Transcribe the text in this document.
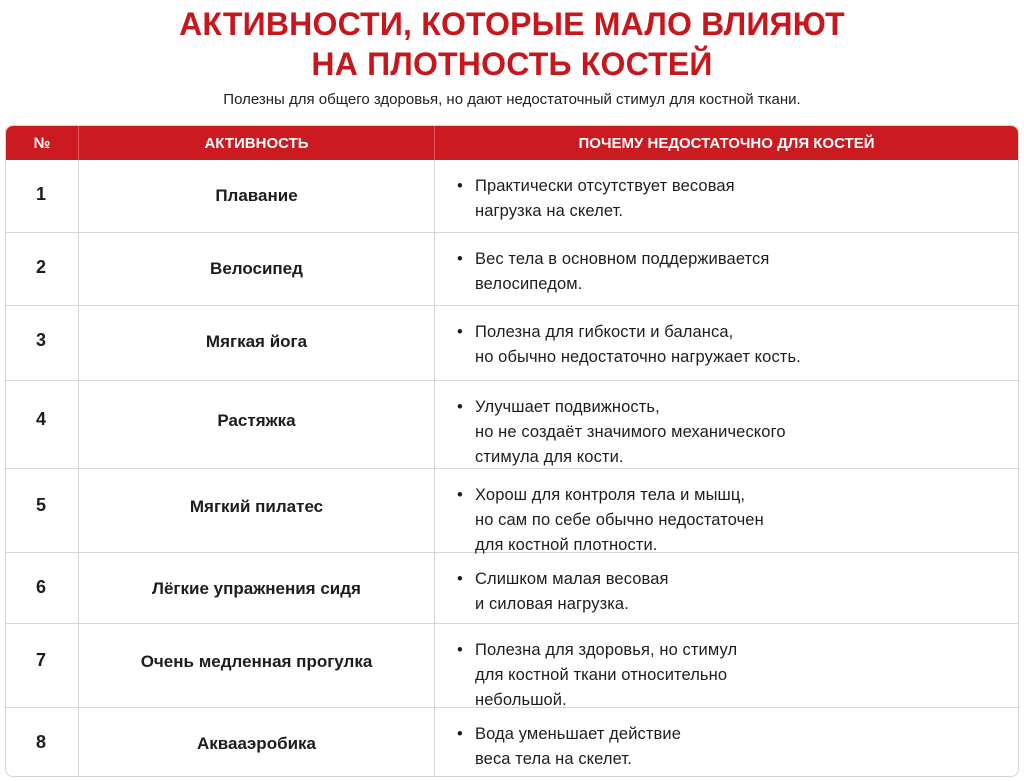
АКТИВНОСТИ, КОТОРЫЕ МАЛО ВЛИЯЮТ
НА ПЛОТНОСТЬ КОСТЕЙ

Полезны для общего здоровья, но дают недостаточный стимул для костной ткани.

№	АКТИВНОСТЬ	ПОЧЕМУ НЕДОСТАТОЧНО ДЛЯ КОСТЕЙ
1	Плавание	• Практически отсутствует весовая
нагрузка на скелет.
2	Велосипед	• Вес тела в основном поддерживается
велосипедом.
3	Мягкая йога	• Полезна для гибкости и баланса,
но обычно недостаточно нагружает кость.
4	Растяжка
• Улучшает подвижность,
но не создаёт значимого механического
стимула для кости.
5	Мягкий пилатес
• Хорош для контроля тела и мышц,
но сам по себе обычно недостаточен
для костной плотности.
6	Лёгкие упражнения сидя	• Слишком малая весовая
и силовая нагрузка.
7	Очень медленная прогулка
• Полезна для здоровья, но стимул
для костной ткани относительно
небольшой.
8	Аквааэробика	• Вода уменьшает действие
веса тела на скелет.
